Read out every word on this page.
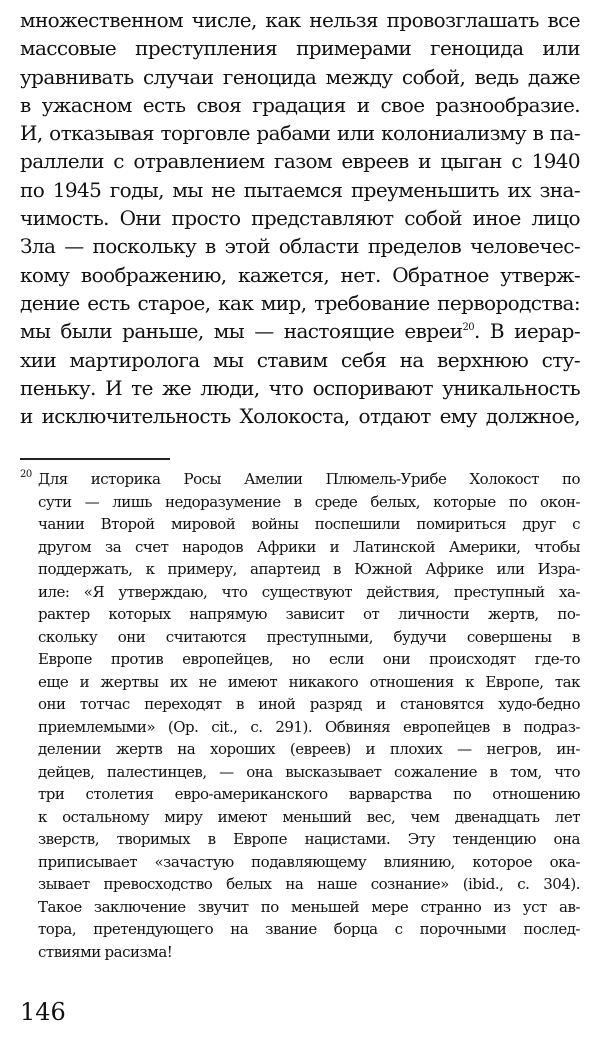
множественном числе, как нельзя провозглашать все
массовые преступления примерами геноцида или
уравнивать случаи геноцида между собой, ведь даже
в ужасном есть своя градация и свое разнообразие.
И, отказывая торговле рабами или колониализму в па-
раллели с отравлением газом евреев и цыган с 1940
по 1945 годы, мы не пытаемся преуменьшить их зна-
чимость. Они просто представляют собой иное лицо
Зла — поскольку в этой области пределов человечес-
кому воображению, кажется, нет. Обратное утверж-
дение есть старое, как мир, требование первородства:
мы были раньше, мы — настоящие евреи$^{20}$. В иерар-
хии мартиролога мы ставим себя на верхнюю сту-
пеньку. И те же люди, что оспоривают уникальность
и исключительность Холокоста, отдают ему должное,
20 Для историка Росы Амелии Плюмель-Урибе Холокост по
сути — лишь недоразумение в среде белых, которые по окон-
чании Второй мировой войны поспешили помириться друг с
другом за счет народов Африки и Латинской Америки, чтобы
поддержать, к примеру, апартеид в Южной Африке или Изра-
иле: «Я утверждаю, что существуют действия, преступный ха-
рактер которых напрямую зависит от личности жертв, по-
скольку они считаются преступными, будучи совершены в
Европе против европейцев, но если они происходят где-то
еще и жертвы их не имеют никакого отношения к Европе, так
они тотчас переходят в иной разряд и становятся худо-бедно
приемлемыми» (Op. cit., с. 291). Обвиняя европейцев в подраз-
делении жертв на хороших (евреев) и плохих — негров, ин-
дейцев, палестинцев, — она высказывает сожаление в том, что
три столетия евро-американского варварства по отношению
к остальному миру имеют меньший вес, чем двенадцать лет
зверств, творимых в Европе нацистами. Эту тенденцию она
приписывает «зачастую подавляющему влиянию, которое ока-
зывает превосходство белых на наше сознание» (ibid., с. 304).
Такое заключение звучит по меньшей мере странно из уст ав-
тора, претендующего на звание борца с порочными послед-
ствиями расизма!
146
